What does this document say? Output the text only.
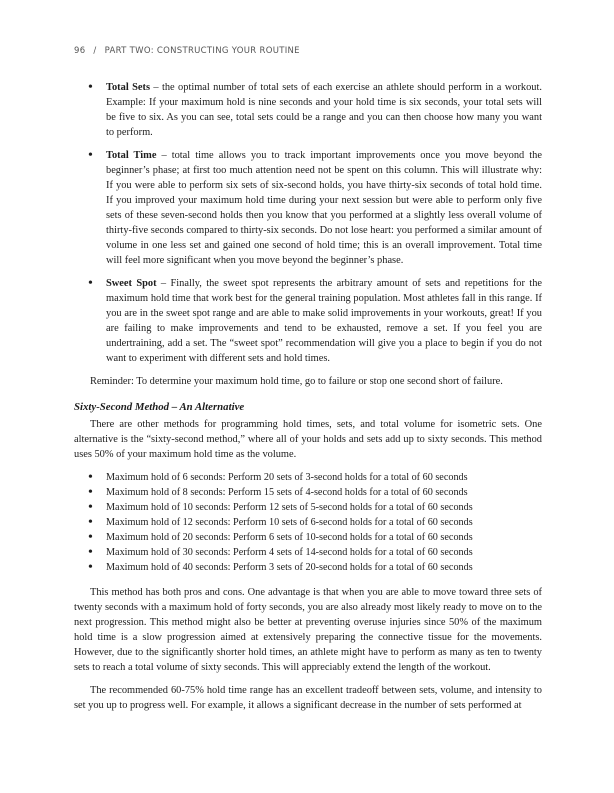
96 / PART TWO: CONSTRUCTING YOUR ROUTINE

• Total Sets – the optimal number of total sets of each exercise an athlete should perform in a workout. Example: If your maximum hold is nine seconds and your hold time is six seconds, your total sets will be five to six. As you can see, total sets could be a range and you can then choose how many you want to perform.

• Total Time – total time allows you to track important improvements once you move beyond the beginner’s phase; at first too much attention need not be spent on this column. This will illustrate why: If you were able to perform six sets of six-second holds, you have thirty-six seconds of total hold time. If you improved your maximum hold time during your next session but were able to perform only five sets of these seven-second holds then you know that you performed at a slightly less overall volume of thirty-five seconds compared to thirty-six seconds. Do not lose heart: you performed a similar amount of volume in one less set and gained one second of hold time; this is an overall improvement. Total time will feel more significant when you move beyond the beginner’s phase.

• Sweet Spot – Finally, the sweet spot represents the arbitrary amount of sets and repetitions for the maximum hold time that work best for the general training population. Most athletes fall in this range. If you are in the sweet spot range and are able to make solid improvements in your workouts, great! If you are failing to make improvements and tend to be exhausted, remove a set. If you feel you are undertraining, add a set. The “sweet spot” recommendation will give you a place to begin if you do not want to experiment with different sets and hold times.

Reminder: To determine your maximum hold time, go to failure or stop one second short of failure.

Sixty-Second Method – An Alternative

There are other methods for programming hold times, sets, and total volume for isometric sets. One alternative is the “sixty-second method,” where all of your holds and sets add up to sixty seconds. This method uses 50% of your maximum hold time as the volume.

• Maximum hold of 6 seconds: Perform 20 sets of 3-second holds for a total of 60 seconds
• Maximum hold of 8 seconds: Perform 15 sets of 4-second holds for a total of 60 seconds
• Maximum hold of 10 seconds: Perform 12 sets of 5-second holds for a total of 60 seconds
• Maximum hold of 12 seconds: Perform 10 sets of 6-second holds for a total of 60 seconds
• Maximum hold of 20 seconds: Perform 6 sets of 10-second holds for a total of 60 seconds
• Maximum hold of 30 seconds: Perform 4 sets of 14-second holds for a total of 60 seconds
• Maximum hold of 40 seconds: Perform 3 sets of 20-second holds for a total of 60 seconds

This method has both pros and cons. One advantage is that when you are able to move toward three sets of twenty seconds with a maximum hold of forty seconds, you are also already most likely ready to move on to the next progression. This method might also be better at preventing overuse injuries since 50% of the maximum hold time is a slow progression aimed at extensively preparing the connective tissue for the movements. However, due to the significantly shorter hold times, an athlete might have to perform as many as ten to twenty sets to reach a total volume of sixty seconds. This will appreciably extend the length of the workout.

The recommended 60-75% hold time range has an excellent tradeoff between sets, volume, and intensity to set you up to progress well. For example, it allows a significant decrease in the number of sets performed at
